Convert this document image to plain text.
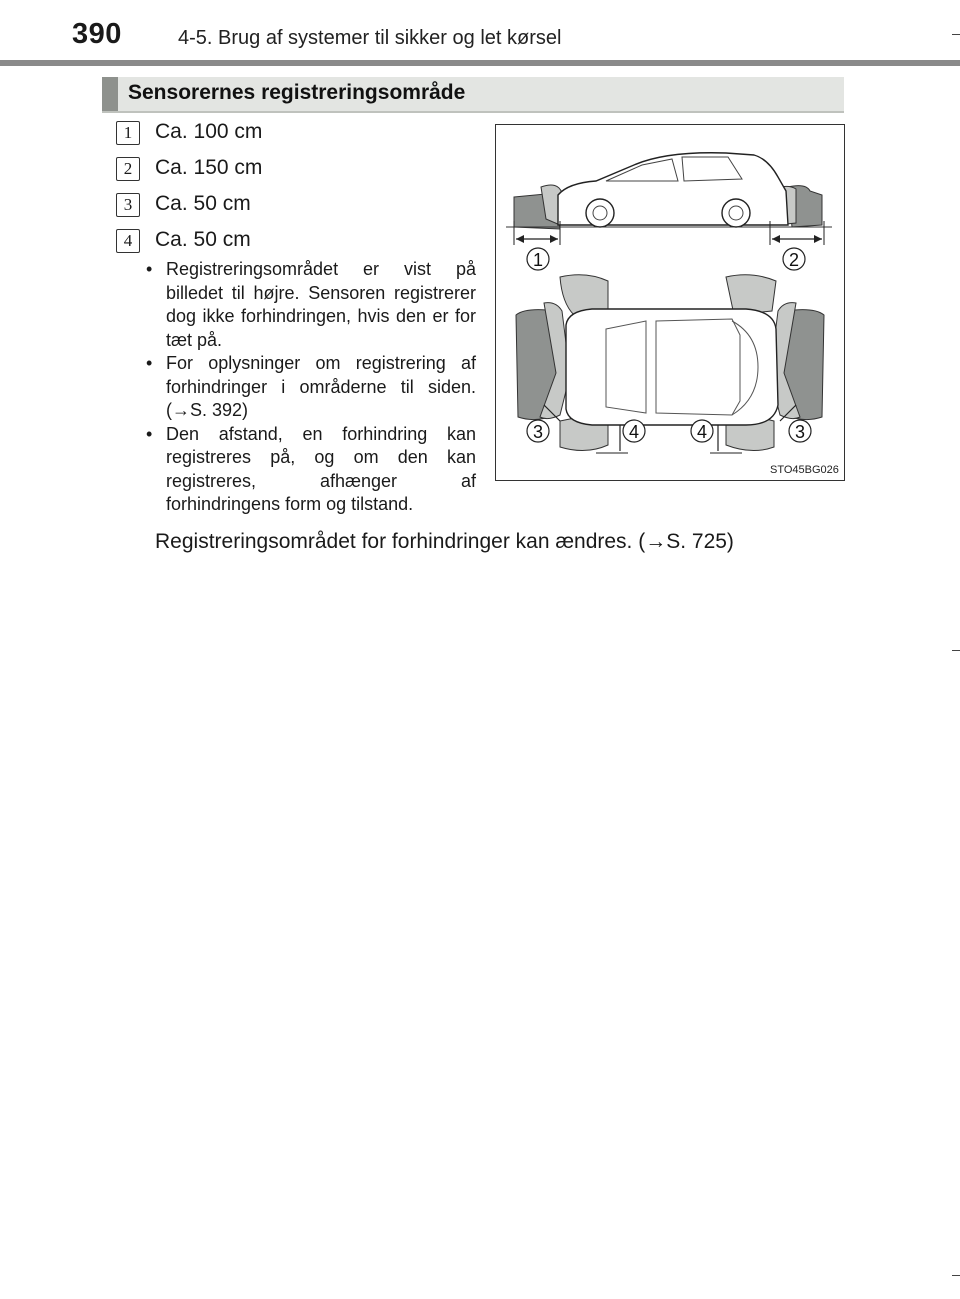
390	4-5. Brug af systemer til sikker og let kørsel
Sensorernes registreringsområde
1	Ca. 100 cm
2	Ca. 150 cm
3	Ca. 50 cm
4	Ca. 50 cm
• Registreringsområdet er vist på billedet til højre. Sensoren registrerer dog ikke forhindringen, hvis den er for tæt på.
• For oplysninger om registrering af forhindringer i områderne til siden. (→S. 392)
• Den afstand, en forhindring kan registreres på, og om den kan registreres, afhænger af forhindringens form og tilstand.
Registreringsområdet for forhindringer kan ændres. (→S. 725)
1	2
3	4	4	3
STO45BG026
